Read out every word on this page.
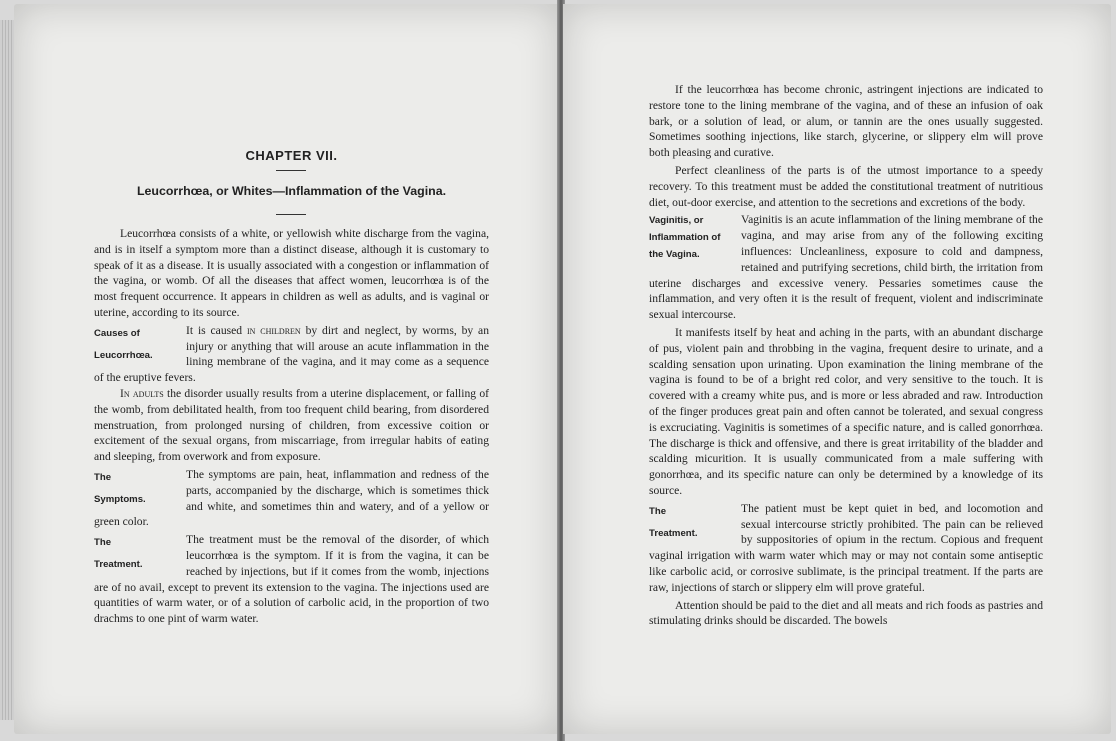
CHAPTER VII.
Leucorrhœa, or Whites—Inflammation of the Vagina.

Leucorrhœa consists of a white, or yellowish white discharge from the vagina, and is in itself a symptom more than a distinct disease, although it is customary to speak of it as a disease. It is usually associated with a congestion or inflammation of the vagina, or womb. Of all the diseases that affect women, leucorrhœa is of the most frequent occurrence. It appears in children as well as adults, and is vaginal or uterine, according to its source.

Causes of
Leucorrhœa.
It is caused in children by dirt and neglect, by worms, by an injury or anything that will arouse an acute inflammation in the lining membrane of the vagina, and it may come as a sequence of the eruptive fevers.

In adults the disorder usually results from a uterine displacement, or falling of the womb, from debilitated health, from too frequent child bearing, from disordered menstruation, from prolonged nursing of children, from excessive coition or excitement of the sexual organs, from miscarriage, from irregular habits of eating and sleeping, from overwork and from exposure.

The
Symptoms.
The symptoms are pain, heat, inflammation and redness of the parts, accompanied by the discharge, which is sometimes thick and white, and sometimes thin and watery, and of a yellow or green color.

The
Treatment.
The treatment must be the removal of the disorder, of which leucorrhœa is the symptom. If it is from the vagina, it can be reached by injections, but if it comes from the womb, injections are of no avail, except to prevent its extension to the vagina. The injections used are quantities of warm water, or of a solution of carbolic acid, in the proportion of two drachms to one pint of warm water.

If the leucorrhœa has become chronic, astringent injections are indicated to restore tone to the lining membrane of the vagina, and of these an infusion of oak bark, or a solution of lead, or alum, or tannin are the ones usually suggested. Sometimes soothing injections, like starch, glycerine, or slippery elm will prove both pleasing and curative.

Perfect cleanliness of the parts is of the utmost importance to a speedy recovery. To this treatment must be added the constitutional treatment of nutritious diet, out-door exercise, and attention to the secretions and excretions of the body.

Vaginitis, or
Inflammation of
the Vagina.
Vaginitis is an acute inflammation of the lining membrane of the vagina, and may arise from any of the following exciting influences: Uncleanliness, exposure to cold and dampness, retained and putrifying secretions, child birth, the irritation from uterine discharges and excessive venery. Pessaries sometimes cause the inflammation, and very often it is the result of frequent, violent and indiscriminate sexual intercourse.

It manifests itself by heat and aching in the parts, with an abundant discharge of pus, violent pain and throbbing in the vagina, frequent desire to urinate, and a scalding sensation upon urinating. Upon examination the lining membrane of the vagina is found to be of a bright red color, and very sensitive to the touch. It is covered with a creamy white pus, and is more or less abraded and raw. Introduction of the finger produces great pain and often cannot be tolerated, and sexual congress is excruciating. Vaginitis is sometimes of a specific nature, and is called gonorrhœa. The discharge is thick and offensive, and there is great irritability of the bladder and scalding micurition. It is usually communicated from a male suffering with gonorrhœa, and its specific nature can only be determined by a knowledge of its source.

The
Treatment.
The patient must be kept quiet in bed, and locomotion and sexual intercourse strictly prohibited. The pain can be relieved by suppositories of opium in the rectum. Copious and frequent vaginal irrigation with warm water which may or may not contain some antiseptic like carbolic acid, or corrosive sublimate, is the principal treatment. If the parts are raw, injections of starch or slippery elm will prove grateful.

Attention should be paid to the diet and all meats and rich foods as pastries and stimulating drinks should be discarded. The bowels
